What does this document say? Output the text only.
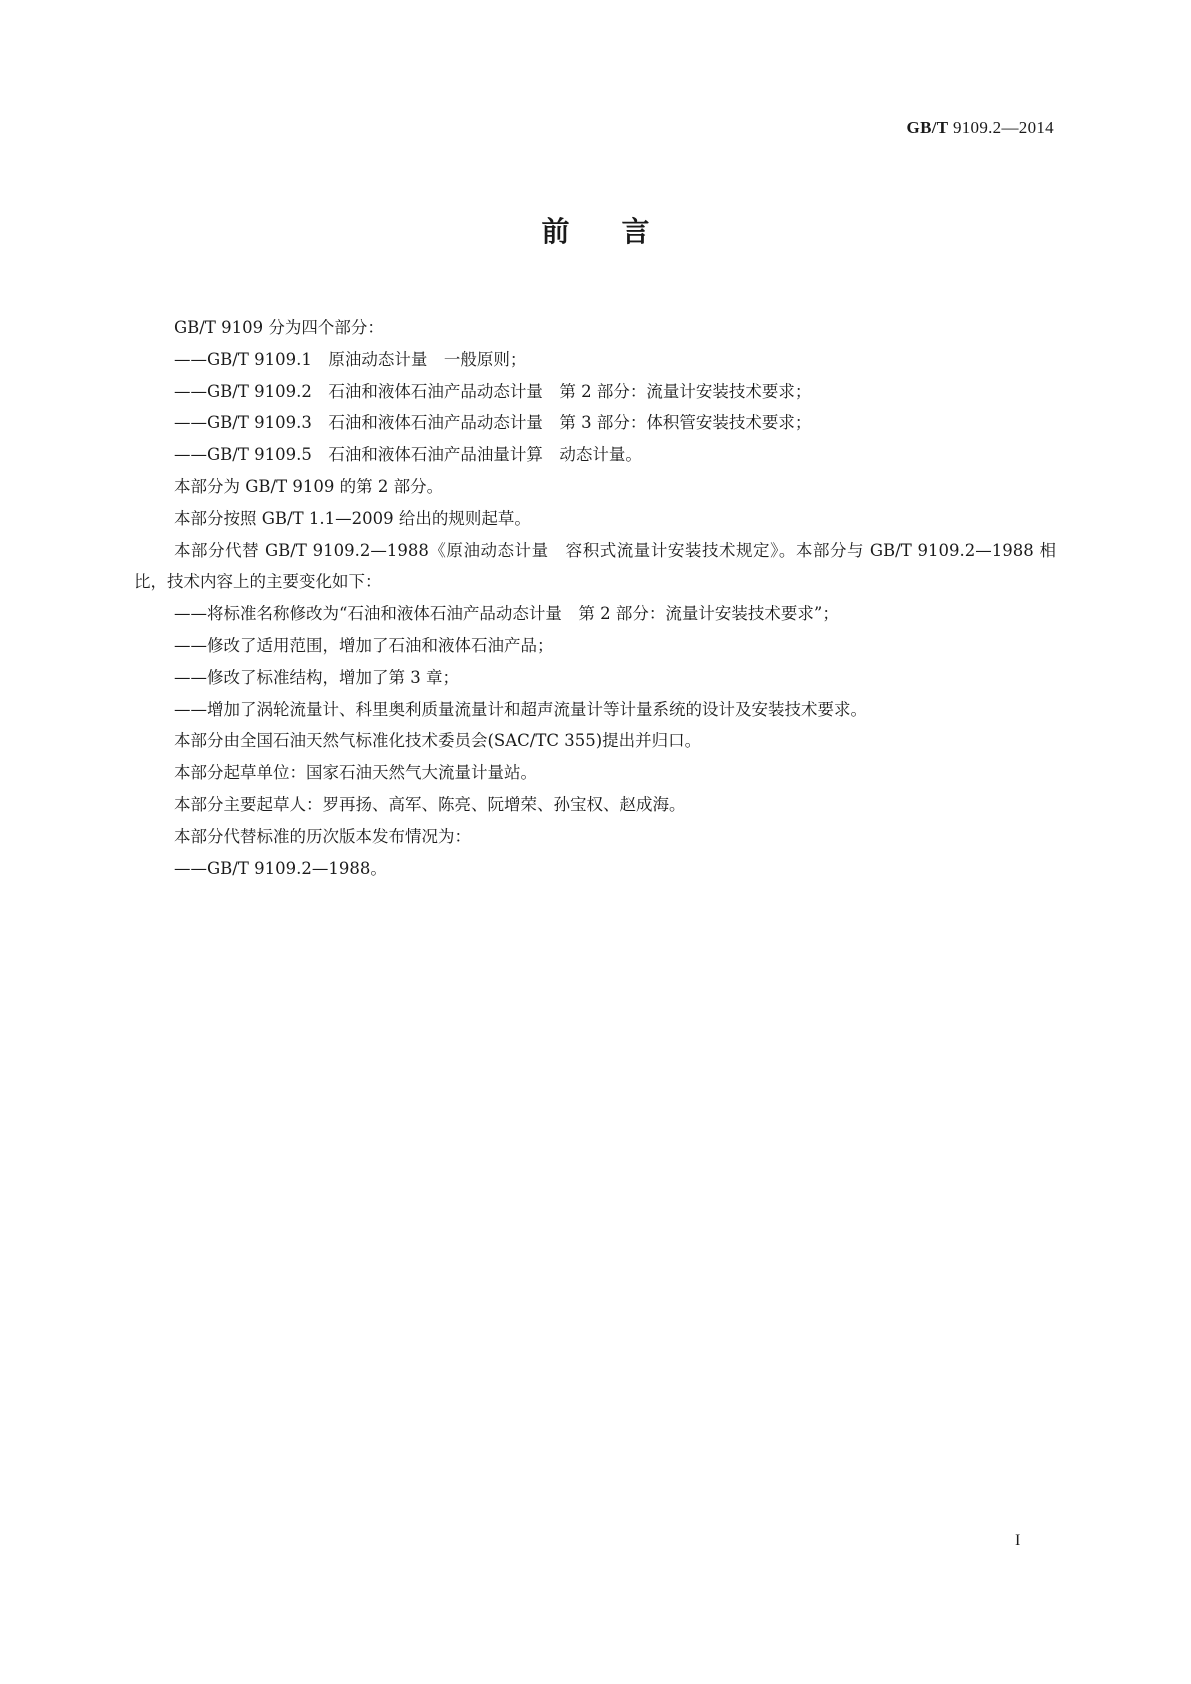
GB/T 9109.2—2014
前言

GB/T 9109 分为四个部分：

——GB/T 9109.1　原油动态计量　一般原则；

——GB/T 9109.2　石油和液体石油产品动态计量　第 2 部分：流量计安装技术要求；

——GB/T 9109.3　石油和液体石油产品动态计量　第 3 部分：体积管安装技术要求；

——GB/T 9109.5　石油和液体石油产品油量计算　动态计量。

本部分为 GB/T 9109 的第 2 部分。

本部分按照 GB/T 1.1—2009 给出的规则起草。

本部分代替 GB/T 9109.2—1988《原油动态计量　容积式流量计安装技术规定》。本部分与 GB/T 9109.2—1988 相比，技术内容上的主要变化如下：

——将标准名称修改为“石油和液体石油产品动态计量　第 2 部分：流量计安装技术要求”；

——修改了适用范围，增加了石油和液体石油产品；

——修改了标准结构，增加了第 3 章；

——增加了涡轮流量计、科里奥利质量流量计和超声流量计等计量系统的设计及安装技术要求。

本部分由全国石油天然气标准化技术委员会(SAC/TC 355)提出并归口。

本部分起草单位：国家石油天然气大流量计量站。

本部分主要起草人：罗再扬、高军、陈亮、阮增荣、孙宝权、赵成海。

本部分代替标准的历次版本发布情况为：

——GB/T 9109.2—1988。

I
